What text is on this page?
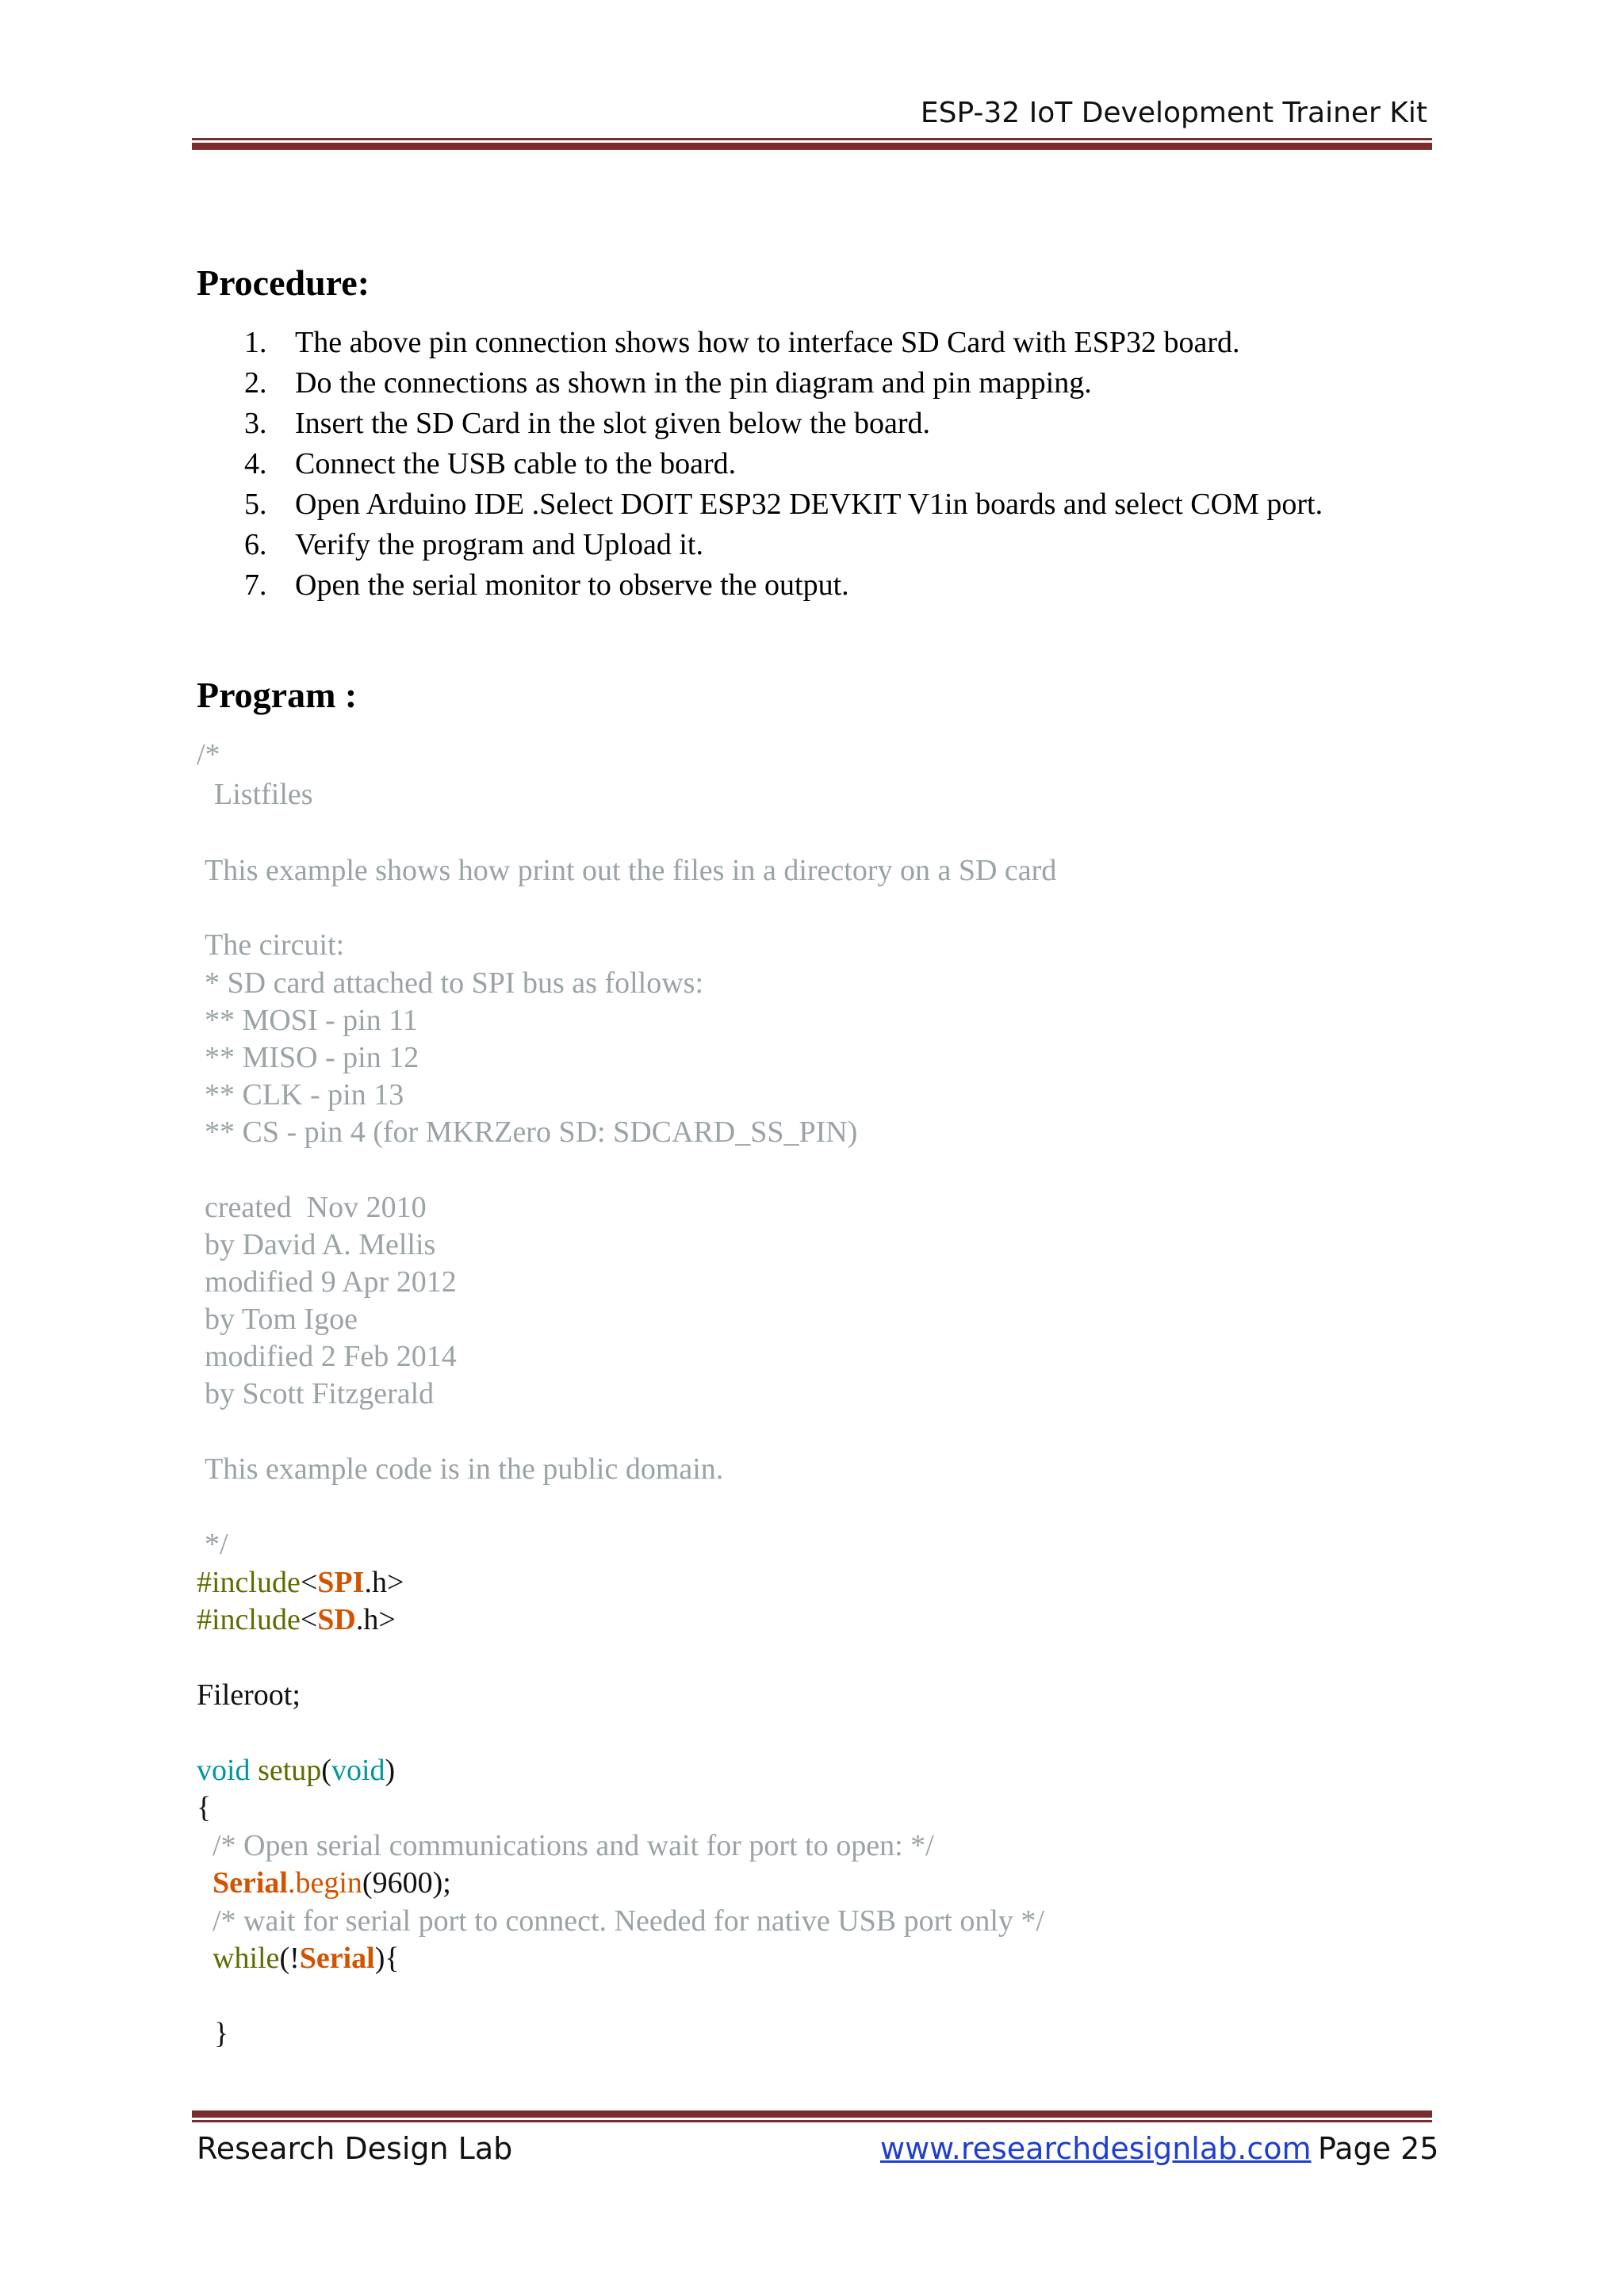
ESP-32 IoT Development Trainer Kit
Procedure:
1. The above pin connection shows how to interface SD Card with ESP32 board.
2. Do the connections as shown in the pin diagram and pin mapping.
3. Insert the SD Card in the slot given below the board.
4. Connect the USB cable to the board.
5. Open Arduino IDE .Select DOIT ESP32 DEVKIT V1in boards and select COM port.
6. Verify the program and Upload it.
7. Open the serial monitor to observe the output.
Program :
/*
Listfiles
This example shows how print out the files in a directory on a SD card
The circuit:
* SD card attached to SPI bus as follows:
** MOSI - pin 11
** MISO - pin 12
** CLK - pin 13
** CS - pin 4 (for MKRZero SD: SDCARD_SS_PIN)
created  Nov 2010
by David A. Mellis
modified 9 Apr 2012
by Tom Igoe
modified 2 Feb 2014
by Scott Fitzgerald
This example code is in the public domain.
*/
#include<SPI.h>
#include<SD.h>
Fileroot;
void setup(void)
{
/* Open serial communications and wait for port to open: */
Serial.begin(9600);
/* wait for serial port to connect. Needed for native USB port only */
while(!Serial){
}
Research Design Lab	www.researchdesignlab.com Page 25
